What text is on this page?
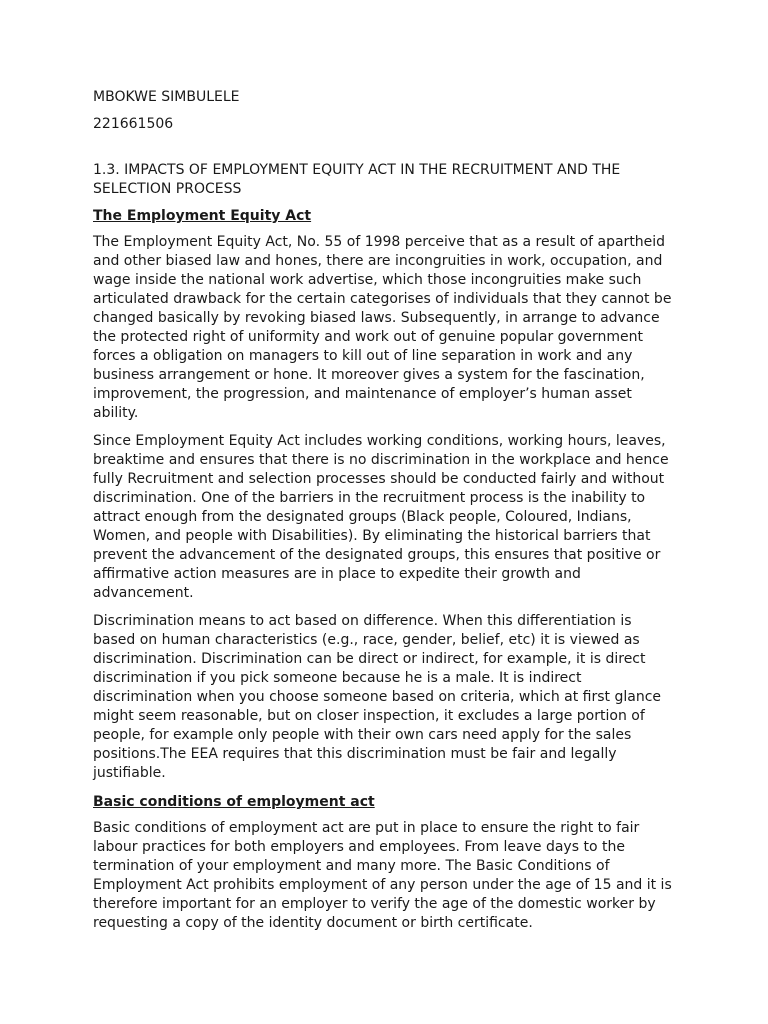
MBOKWE SIMBULELE

221661506

1.3. IMPACTS OF EMPLOYMENT EQUITY ACT IN THE RECRUITMENT AND THE SELECTION PROCESS

The Employment Equity Act

The Employment Equity Act, No. 55 of 1998 perceive that as a result of apartheid and other biased law and hones, there are incongruities in work, occupation, and wage inside the national work advertise, which those incongruities make such articulated drawback for the certain categorises of individuals that they cannot be changed basically by revoking biased laws. Subsequently, in arrange to advance the protected right of uniformity and work out of genuine popular government forces a obligation on managers to kill out of line separation in work and any business arrangement or hone. It moreover gives a system for the fascination, improvement, the progression, and maintenance of employer’s human asset ability.

Since Employment Equity Act includes working conditions, working hours, leaves, breaktime and ensures that there is no discrimination in the workplace and hence fully Recruitment and selection processes should be conducted fairly and without discrimination. One of the barriers in the recruitment process is the inability to attract enough from the designated groups (Black people, Coloured, Indians, Women, and people with Disabilities). By eliminating the historical barriers that prevent the advancement of the designated groups, this ensures that positive or affirmative action measures are in place to expedite their growth and advancement.

Discrimination means to act based on difference. When this differentiation is based on human characteristics (e.g., race, gender, belief, etc) it is viewed as discrimination. Discrimination can be direct or indirect, for example, it is direct discrimination if you pick someone because he is a male. It is indirect discrimination when you choose someone based on criteria, which at first glance might seem reasonable, but on closer inspection, it excludes a large portion of people, for example only people with their own cars need apply for the sales positions.The EEA requires that this discrimination must be fair and legally justifiable.

Basic conditions of employment act

Basic conditions of employment act are put in place to ensure the right to fair labour practices for both employers and employees. From leave days to the termination of your employment and many more. The Basic Conditions of Employment Act prohibits employment of any person under the age of 15 and it is therefore important for an employer to verify the age of the domestic worker by requesting a copy of the identity document or birth certificate.
